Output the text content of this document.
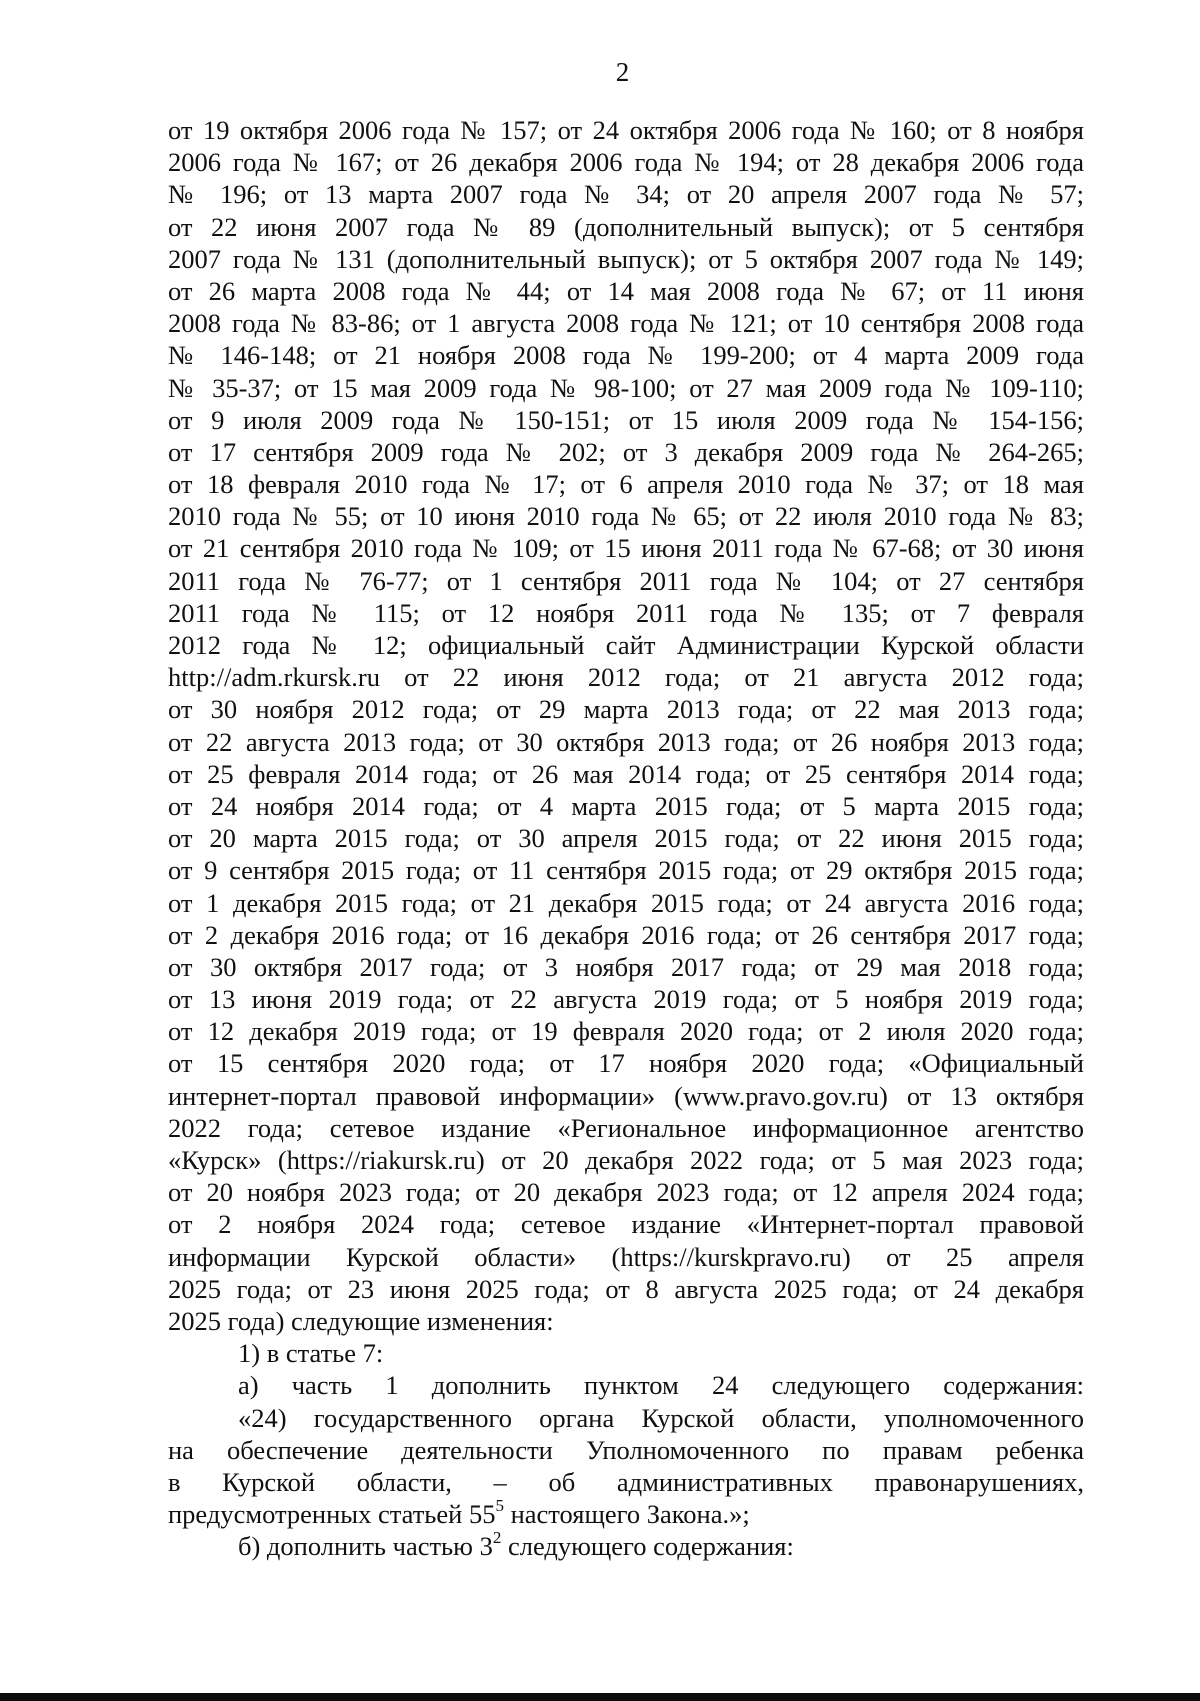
2
от 19 октября 2006 года № 157; от 24 октября 2006 года № 160; от 8 ноября
2006 года № 167; от 26 декабря 2006 года № 194; от 28 декабря 2006 года
№ 196; от 13 марта 2007 года № 34; от 20 апреля 2007 года № 57;
от 22 июня 2007 года № 89 (дополнительный выпуск); от 5 сентября
2007 года № 131 (дополнительный выпуск); от 5 октября 2007 года № 149;
от 26 марта 2008 года № 44; от 14 мая 2008 года № 67; от 11 июня
2008 года № 83-86; от 1 августа 2008 года № 121; от 10 сентября 2008 года
№ 146-148; от 21 ноября 2008 года № 199-200; от 4 марта 2009 года
№ 35-37; от 15 мая 2009 года № 98-100; от 27 мая 2009 года № 109-110;
от 9 июля 2009 года № 150-151; от 15 июля 2009 года № 154-156;
от 17 сентября 2009 года № 202; от 3 декабря 2009 года № 264-265;
от 18 февраля 2010 года № 17; от 6 апреля 2010 года № 37; от 18 мая
2010 года № 55; от 10 июня 2010 года № 65; от 22 июля 2010 года № 83;
от 21 сентября 2010 года № 109; от 15 июня 2011 года № 67-68; от 30 июня
2011 года № 76-77; от 1 сентября 2011 года № 104; от 27 сентября
2011 года № 115; от 12 ноября 2011 года № 135; от 7 февраля
2012 года № 12; официальный сайт Администрации Курской области
http://adm.rkursk.ru от 22 июня 2012 года; от 21 августа 2012 года;
от 30 ноября 2012 года; от 29 марта 2013 года; от 22 мая 2013 года;
от 22 августа 2013 года; от 30 октября 2013 года; от 26 ноября 2013 года;
от 25 февраля 2014 года; от 26 мая 2014 года; от 25 сентября 2014 года;
от 24 ноября 2014 года; от 4 марта 2015 года; от 5 марта 2015 года;
от 20 марта 2015 года; от 30 апреля 2015 года; от 22 июня 2015 года;
от 9 сентября 2015 года; от 11 сентября 2015 года; от 29 октября 2015 года;
от 1 декабря 2015 года; от 21 декабря 2015 года; от 24 августа 2016 года;
от 2 декабря 2016 года; от 16 декабря 2016 года; от 26 сентября 2017 года;
от 30 октября 2017 года; от 3 ноября 2017 года; от 29 мая 2018 года;
от 13 июня 2019 года; от 22 августа 2019 года; от 5 ноября 2019 года;
от 12 декабря 2019 года; от 19 февраля 2020 года; от 2 июля 2020 года;
от 15 сентября 2020 года; от 17 ноября 2020 года; «Официальный
интернет-портал правовой информации» (www.pravo.gov.ru) от 13 октября
2022 года; сетевое издание «Региональное информационное агентство
«Курск» (https://riakursk.ru) от 20 декабря 2022 года; от 5 мая 2023 года;
от 20 ноября 2023 года; от 20 декабря 2023 года; от 12 апреля 2024 года;
от 2 ноября 2024 года; сетевое издание «Интернет-портал правовой
информации Курской области» (https://kurskpravo.ru) от 25 апреля
2025 года; от 23 июня 2025 года; от 8 августа 2025 года; от 24 декабря
2025 года) следующие изменения:
1) в статье 7:
а) часть 1 дополнить пунктом 24 следующего содержания:
«24) государственного органа Курской области, уполномоченного
на обеспечение деятельности Уполномоченного по правам ребенка
в Курской области, – об административных правонарушениях,
предусмотренных статьей $55^5$ настоящего Закона.»;
б) дополнить частью $3^2$ следующего содержания:
